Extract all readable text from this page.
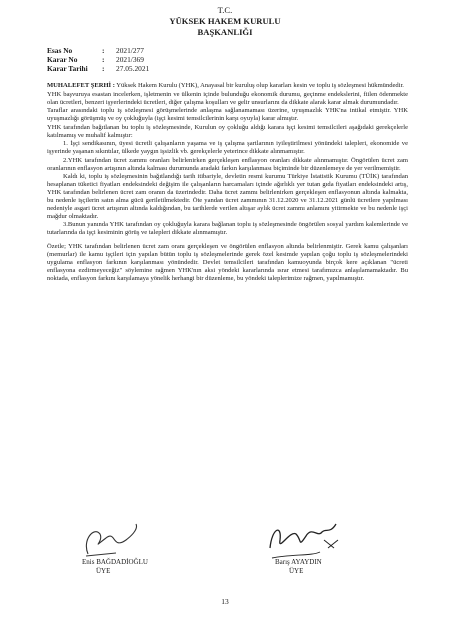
T.C.
YÜKSEK HAKEM KURULU
BAŞKANLIĞI
Esas No	:	2021/277
Karar No	:	2021/369
Karar Tarihi	:	27.05.2021

MUHALEFET ŞERHİ : Yüksek Hakem Kurulu (YHK), Anayasal bir kuruluş olup kararları kesin ve toplu iş sözleşmesi hükmündedir.

YHK başvuruya esastan incelerken, işletmenin ve ülkenin içinde bulunduğu ekonomik durumu, geçinme endekslerini, fiilen ödenmekte olan ücretleri, benzeri işyerlerindeki ücretleri, diğer çalışma koşulları ve gelir unsurlarını da dikkate alarak karar almak durumundadır.

Taraflar arasındaki toplu iş sözleşmesi görüşmelerinde anlaşma sağlanamaması üzerine, uyuşmazlık YHK'na intikal etmiştir. YHK uyuşmazlığı görüşmüş ve oy çokluğuyla (işçi kesimi temsilcilerinin karşı oyuyla) karar almıştır.

YHK tarafından bağıtlanan bu toplu iş sözleşmesinde, Kurulun oy çokluğu aldığı karara işçi kesimi temsilcileri aşağıdaki gerekçelerle katılmamış ve muhalif kalmıştır:

1. İşçi sendikasının, üyesi ücretli çalışanların yaşama ve iş çalışma şartlarının iyileştirilmesi yönündeki talepleri, ekonomide ve işyerinde yaşanan sıkıntılar, ülkede yaygın işsizlik vb. gerekçelerle yeterince dikkate alınmamıştır.

2.YHK tarafından ücret zammı oranları belirlenirken gerçekleşen enflasyon oranları dikkate alınmamıştır. Öngörülen ücret zam oranlarının enflasyon artışının altında kalması durumunda aradaki farkın karşılanması biçiminde bir düzenlemeye de yer verilmemiştir.

Kaldı ki, toplu iş sözleşmesinin bağıtlandığı tarih itibariyle, devletin resmi kurumu Türkiye İstatistik Kurumu (TÜİK) tarafından hesaplanan tüketici fiyatları endeksindeki değişim ile çalışanların harcamaları içinde ağırlıklı yer tutan gıda fiyatları endeksindeki artış, YHK tarafından belirlenen ücret zam oranın da üzerindedir. Daha ücret zammı belirlenirken gerçekleşen enflasyonun altında kalmakta, bu nedenle işçilerin satın alma gücü geriletilmektedir. Öte yandan ücret zammının 31.12.2020 ve 31.12.2021 günlü ücretlere yapılması nedeniyle asgari ücret artışının altında kaldığından, bu tarihlerde verilen altışar aylık ücret zammı anlamını yitirmekte ve bu nedenle işçi mağdur olmaktadır.

3.Bunun yanında YHK tarafından oy çokluğuyla karara bağlanan toplu iş sözleşmesinde öngörülen sosyal yardım kalemlerinde ve tutarlarında da işçi kesiminin görüş ve talepleri dikkate alınmamıştır.

Özetle; YHK tarafından belirlenen ücret zam oranı gerçekleşen ve öngörülen enflasyon altında belirlenmiştir. Gerek kamu çalışanları (memurlar) ile kamu işçileri için yapılan bütün toplu iş sözleşmelerinde gerek özel kesimde yapılan çoğu toplu iş sözleşmelerindeki uygulama enflasyon farkının karşılanması yönündedir. Devlet temsilcileri tarafından kamuoyunda birçok kere açıklanan "ücreti enflasyona ezdirmeyeceğiz" söylemine rağmen YHK'nın aksi yöndeki kararlarında ısrar etmesi tarafımızca anlaşılamamaktadır. Bu noktada, enflasyon farkını karşılamaya yönelik herhangi bir düzenleme, bu yöndeki taleplerimize rağmen, yapılmamıştır.

Enis BAĞDADİOĞLU
ÜYE
Barış AYAYDIN
ÜYE
13
